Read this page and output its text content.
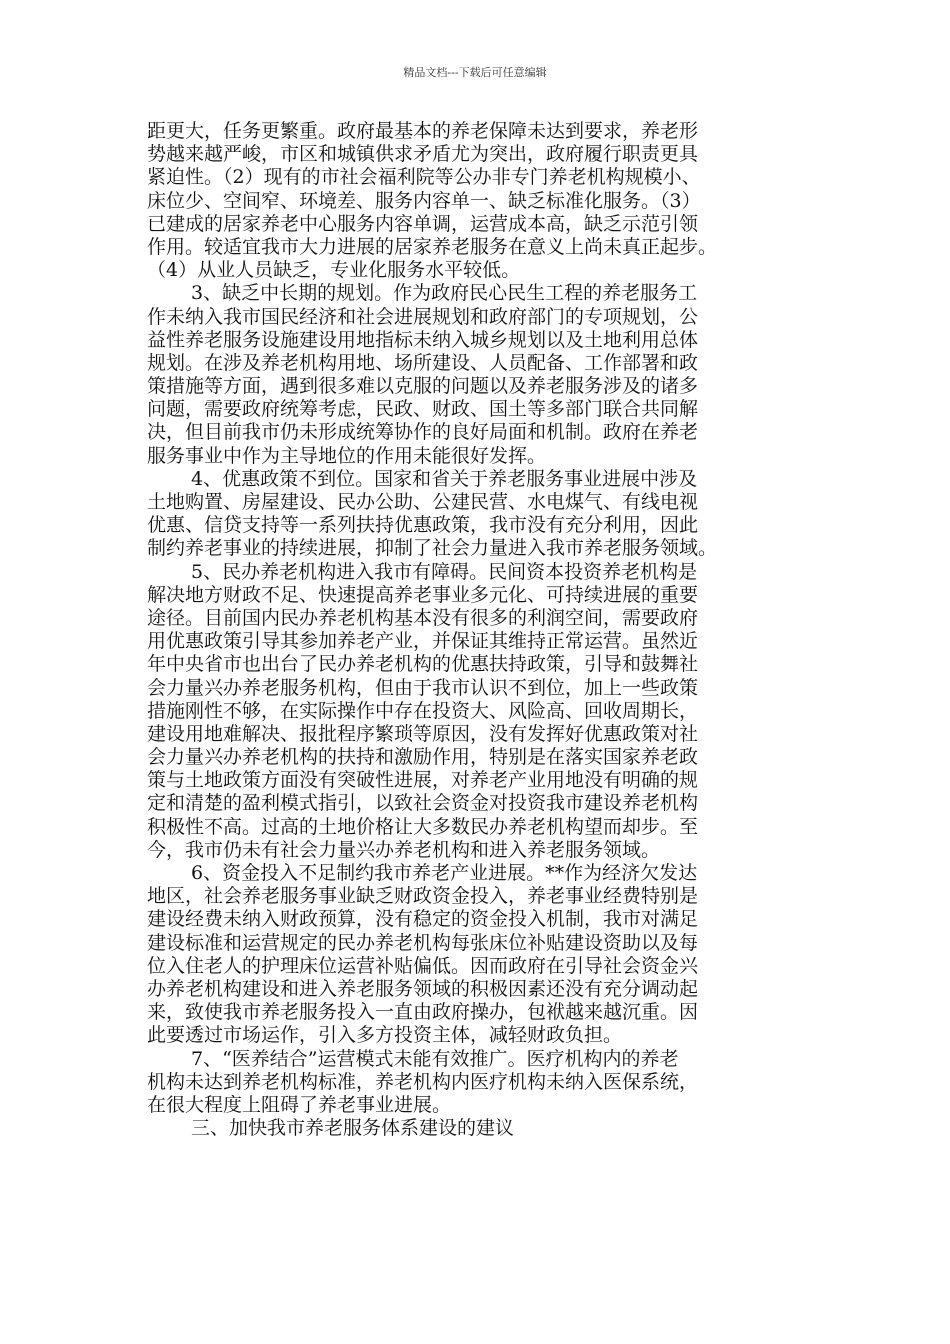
精品文档---下载后可任意编辑
距更大，任务更繁重。政府最基本的养老保障未达到要求，养老形
势越来越严峻，市区和城镇供求矛盾尤为突出，政府履行职责更具
紧迫性。（2）现有的市社会福利院等公办非专门养老机构规模小、
床位少、空间窄、环境差、服务内容单一、缺乏标准化服务。（3）
已建成的居家养老中心服务内容单调，运营成本高，缺乏示范引领
作用。较适宜我市大力进展的居家养老服务在意义上尚未真正起步。
（4）从业人员缺乏，专业化服务水平较低。
3、缺乏中长期的规划。作为政府民心民生工程的养老服务工
作未纳入我市国民经济和社会进展规划和政府部门的专项规划，公
益性养老服务设施建设用地指标未纳入城乡规划以及土地利用总体
规划。在涉及养老机构用地、场所建设、人员配备、工作部署和政
策措施等方面，遇到很多难以克服的问题以及养老服务涉及的诸多
问题，需要政府统筹考虑，民政、财政、国土等多部门联合共同解
决，但目前我市仍未形成统筹协作的良好局面和机制。政府在养老
服务事业中作为主导地位的作用未能很好发挥。
4、优惠政策不到位。国家和省关于养老服务事业进展中涉及
土地购置、房屋建设、民办公助、公建民营、水电煤气、有线电视
优惠、信贷支持等一系列扶持优惠政策，我市没有充分利用，因此
制约养老事业的持续进展，抑制了社会力量进入我市养老服务领域。
5、民办养老机构进入我市有障碍。民间资本投资养老机构是
解决地方财政不足、快速提高养老事业多元化、可持续进展的重要
途径。目前国内民办养老机构基本没有很多的利润空间，需要政府
用优惠政策引导其参加养老产业，并保证其维持正常运营。虽然近
年中央省市也出台了民办养老机构的优惠扶持政策，引导和鼓舞社
会力量兴办养老服务机构，但由于我市认识不到位，加上一些政策
措施刚性不够，在实际操作中存在投资大、风险高、回收周期长，
建设用地难解决、报批程序繁琐等原因，没有发挥好优惠政策对社
会力量兴办养老机构的扶持和激励作用，特别是在落实国家养老政
策与土地政策方面没有突破性进展，对养老产业用地没有明确的规
定和清楚的盈利模式指引，以致社会资金对投资我市建设养老机构
积极性不高。过高的土地价格让大多数民办养老机构望而却步。至
今，我市仍未有社会力量兴办养老机构和进入养老服务领域。
6、资金投入不足制约我市养老产业进展。**作为经济欠发达
地区，社会养老服务事业缺乏财政资金投入，养老事业经费特别是
建设经费未纳入财政预算，没有稳定的资金投入机制，我市对满足
建设标准和运营规定的民办养老机构每张床位补贴建设资助以及每
位入住老人的护理床位运营补贴偏低。因而政府在引导社会资金兴
办养老机构建设和进入养老服务领域的积极因素还没有充分调动起
来，致使我市养老服务投入一直由政府操办，包袱越来越沉重。因
此要透过市场运作，引入多方投资主体，减轻财政负担。
7、“医养结合”运营模式未能有效推广。医疗机构内的养老
机构未达到养老机构标准，养老机构内医疗机构未纳入医保系统，
在很大程度上阻碍了养老事业进展。
三、加快我市养老服务体系建设的建议
